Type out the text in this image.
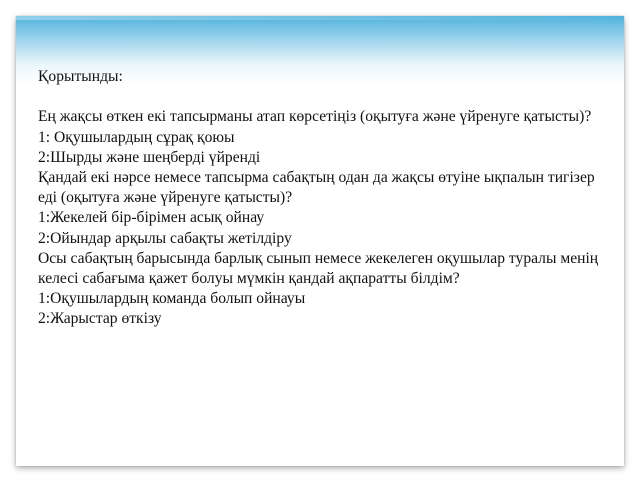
Қорытынды:
Ең жақсы өткен екі тапсырманы атап көрсетіңіз (оқытуға және үйренуге қатысты)?
1: Оқушылардың сұрақ қоюы
2:Шырды және шеңберді үйренді
Қандай екі нәрсе немесе тапсырма сабақтың одан да жақсы өтуіне ықпалын тигізер еді (оқытуға және үйренуге қатысты)?
1:Жекелей бір-бірімен асық ойнау
2:Ойындар арқылы сабақты жетілдіру
Осы сабақтың барысында барлық сынып немесе жекелеген оқушылар туралы менің келесі сабағыма қажет болуы мүмкін қандай ақпаратты білдім?
1:Оқушылардың команда болып ойнауы
2:Жарыстар өткізу
